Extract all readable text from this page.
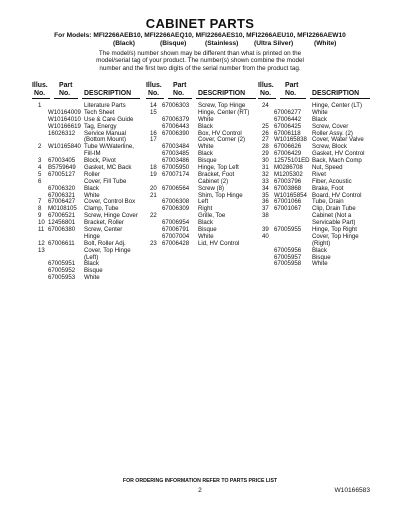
CABINET PARTS
For Models: MFI2266AEB10, MFI2266AEQ10, MFI2266AES10, MFI2266AEU10, MFI2266AEW10
(Black)	(Bisque)	(Stainless) (Ultra Silver)	(White)
The model/s) number shown may be different than what is printed on the
model/serial tag of your product. The number(s) shown combine the model
number and the first two digits of the serial number from the product tag.
Illus.
No.
Part
No. DESCRIPTION
1	Literature Parts
W10164009 Tech Sheet
W10164010 Use & Care Guide
W10166619 Tag, Energy
16026312 Service Manual
(Bottom Mount)
2 W10165840 Tube W/Waterline,
Fill-IM
3 67003405 Block, Pivot
4 B5759649 Gasket, MC Back
5 67005127 Roller
6	Cover, Fill Tube
67006320 Black
67006321 White
7 67006427 Cover, Control Box
8 M0108105 Clamp, Tube
9 67006521 Screw, Hinge Cover
10 12456801 Bracket, Roller
11 67006380 Screw, Center
Hinge
12 67006611 Bolt, Roller Adj.
13	Cover, Top Hinge
(Left)
67005951 Black
67005952 Bisque
67005953 White
Illus.
No.
Part
No. DESCRIPTION
14 67006303 Screw, Top Hinge
15	Hinge, Center (RT)
67006379 White
67006443 Black
16 67006390 Box, HV Control
17	Cover, Corner (2)
67003484 White
67003485 Black
67003486 Bisque
18 67005950 Hinge, Top Left
19 67007174 Bracket, Foot
Cabinet (2)
20 67006564 Screw (8)
21	Shim, Top Hinge
67006308 Left
67006309 Right
22	Grille, Toe
67006954 Black
67006791 Bisque
67007004 White
23 67006428 Lid, HV Control
Illus.
No.
Part
No. DESCRIPTION
24	Hinge, Center (LT)
67006277 White
67006442 Black
25 67006425 Screw, Cover
26 67006118 Roller Assy. (2)
27 W10165838 Cover, Water Valve
28 67006626 Screw, Block
29 67006429 Gasket, HV Control
30 12575101ED Back, Mach Comp
31 M0286708 Nut, Speed
32 M1205302 Rivet
33 67003796 Fiber, Acoustic
34 67003868 Brake, Foot
35 W10165854 Board, HV Control
36 67001066 Tube, Drain
37 67001067 Clip, Drain Tube
38	Cabinet (Not a
Servicable Part)
39 67005955 Hinge, Top Right
40	Cover, Top Hinge
(Right)
67005956 Black
67005957 Bisque
67005958 White
FOR ORDERING INFORMATION REFER TO PARTS PRICE LIST
2	W10166583
